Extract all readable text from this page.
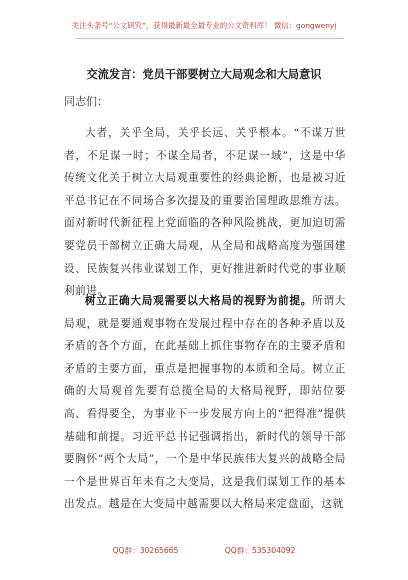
关注头条号“公文研究”，获得最新最全最专业的公文资料库！ 微信：gongwenyj
交流发言：党员干部要树立大局观念和大局意识
同志们：

大者，关乎全局，关乎长远、关乎根本。“不谋万世者，不足谋一时；不谋全局者，不足谋一域”，这是中华传统文化关于树立大局观重要性的经典论断，也是被习近平总书记在不同场合多次提及的重要治国理政思维方法。面对新时代新征程上党面临的各种风险挑战，更加迫切需要党员干部树立正确大局观，从全局和战略高度为强国建设、民族复兴伟业谋划工作，更好推进新时代党的事业顺利前进。

树立正确大局观需要以大格局的视野为前提。所谓大局观，就是要通观事物在发展过程中存在的各种矛盾以及矛盾的各个方面，在此基础上抓住事物存在的主要矛盾和矛盾的主要方面，重点是把握事物的本质和全局。树立正确的大局观首先要有总揽全局的大格局视野，即站位要高、看得要全，为事业下一步发展方向上的“把得准”提供基础和前提。习近平总书记强调指出，新时代的领导干部要胸怀“两个大局”，一个是中华民族伟大复兴的战略全局一个是世界百年未有之大变局，这是我们谋划工作的基本出发点。越是在大变局中越需要以大格局来定盘面，这就

QQ群：30265665	QQ群：535304092
